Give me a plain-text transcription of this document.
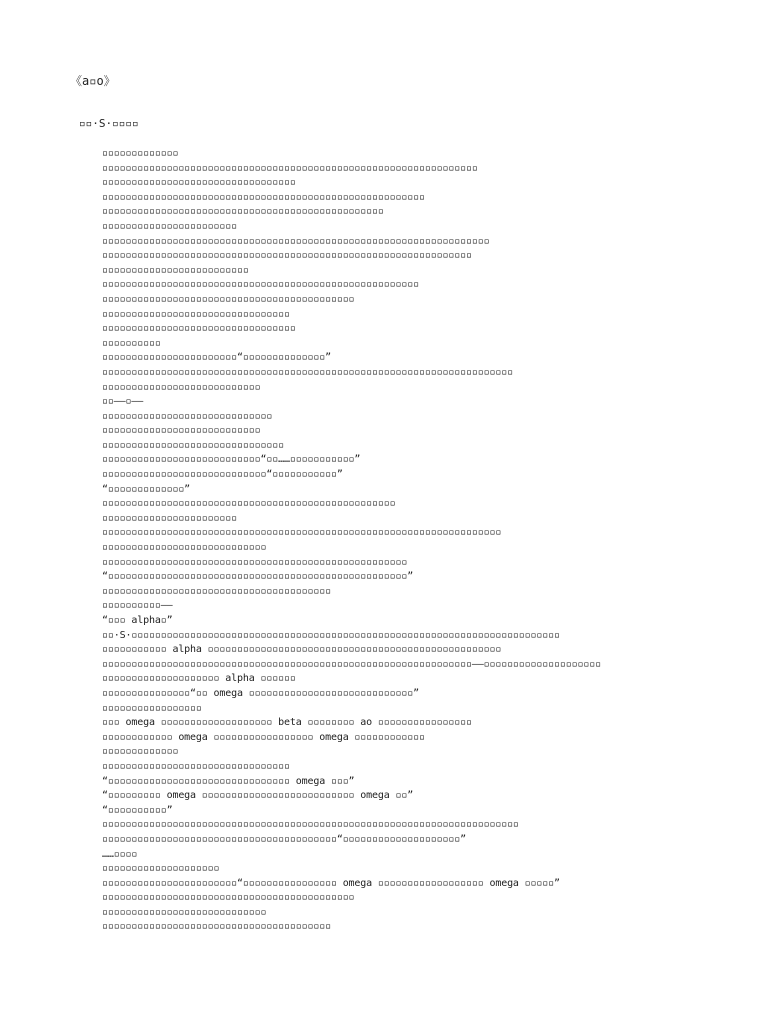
《a▫o》
▫▫·S·▫▫▫▫
▫▫▫▫▫▫▫▫▫▫▫▫▫
▫▫▫▫▫▫▫▫▫▫▫▫▫▫▫▫▫▫▫▫▫▫▫▫▫▫▫▫▫▫▫▫▫▫▫▫▫▫▫▫▫▫▫▫▫▫▫▫▫▫▫▫▫▫▫▫▫▫▫▫▫▫▫▫
▫▫▫▫▫▫▫▫▫▫▫▫▫▫▫▫▫▫▫▫▫▫▫▫▫▫▫▫▫▫▫▫▫
▫▫▫▫▫▫▫▫▫▫▫▫▫▫▫▫▫▫▫▫▫▫▫▫▫▫▫▫▫▫▫▫▫▫▫▫▫▫▫▫▫▫▫▫▫▫▫▫▫▫▫▫▫▫▫
▫▫▫▫▫▫▫▫▫▫▫▫▫▫▫▫▫▫▫▫▫▫▫▫▫▫▫▫▫▫▫▫▫▫▫▫▫▫▫▫▫▫▫▫▫▫▫▫
▫▫▫▫▫▫▫▫▫▫▫▫▫▫▫▫▫▫▫▫▫▫▫
▫▫▫▫▫▫▫▫▫▫▫▫▫▫▫▫▫▫▫▫▫▫▫▫▫▫▫▫▫▫▫▫▫▫▫▫▫▫▫▫▫▫▫▫▫▫▫▫▫▫▫▫▫▫▫▫▫▫▫▫▫▫▫▫▫▫
▫▫▫▫▫▫▫▫▫▫▫▫▫▫▫▫▫▫▫▫▫▫▫▫▫▫▫▫▫▫▫▫▫▫▫▫▫▫▫▫▫▫▫▫▫▫▫▫▫▫▫▫▫▫▫▫▫▫▫▫▫▫▫
▫▫▫▫▫▫▫▫▫▫▫▫▫▫▫▫▫▫▫▫▫▫▫▫▫
▫▫▫▫▫▫▫▫▫▫▫▫▫▫▫▫▫▫▫▫▫▫▫▫▫▫▫▫▫▫▫▫▫▫▫▫▫▫▫▫▫▫▫▫▫▫▫▫▫▫▫▫▫▫
▫▫▫▫▫▫▫▫▫▫▫▫▫▫▫▫▫▫▫▫▫▫▫▫▫▫▫▫▫▫▫▫▫▫▫▫▫▫▫▫▫▫▫
▫▫▫▫▫▫▫▫▫▫▫▫▫▫▫▫▫▫▫▫▫▫▫▫▫▫▫▫▫▫▫▫
▫▫▫▫▫▫▫▫▫▫▫▫▫▫▫▫▫▫▫▫▫▫▫▫▫▫▫▫▫▫▫▫▫
▫▫▫▫▫▫▫▫▫▫
▫▫▫▫▫▫▫▫▫▫▫▫▫▫▫▫▫▫▫▫▫▫▫“▫▫▫▫▫▫▫▫▫▫▫▫▫▫”
▫▫▫▫▫▫▫▫▫▫▫▫▫▫▫▫▫▫▫▫▫▫▫▫▫▫▫▫▫▫▫▫▫▫▫▫▫▫▫▫▫▫▫▫▫▫▫▫▫▫▫▫▫▫▫▫▫▫▫▫▫▫▫▫▫▫▫▫▫▫
▫▫▫▫▫▫▫▫▫▫▫▫▫▫▫▫▫▫▫▫▫▫▫▫▫▫▫
▫▫——▫——
▫▫▫▫▫▫▫▫▫▫▫▫▫▫▫▫▫▫▫▫▫▫▫▫▫▫▫▫▫
▫▫▫▫▫▫▫▫▫▫▫▫▫▫▫▫▫▫▫▫▫▫▫▫▫▫▫
▫▫▫▫▫▫▫▫▫▫▫▫▫▫▫▫▫▫▫▫▫▫▫▫▫▫▫▫▫▫▫
▫▫▫▫▫▫▫▫▫▫▫▫▫▫▫▫▫▫▫▫▫▫▫▫▫▫▫“▫▫……▫▫▫▫▫▫▫▫▫▫▫”
▫▫▫▫▫▫▫▫▫▫▫▫▫▫▫▫▫▫▫▫▫▫▫▫▫▫▫▫“▫▫▫▫▫▫▫▫▫▫▫”
“▫▫▫▫▫▫▫▫▫▫▫▫▫”
▫▫▫▫▫▫▫▫▫▫▫▫▫▫▫▫▫▫▫▫▫▫▫▫▫▫▫▫▫▫▫▫▫▫▫▫▫▫▫▫▫▫▫▫▫▫▫▫▫▫
▫▫▫▫▫▫▫▫▫▫▫▫▫▫▫▫▫▫▫▫▫▫▫
▫▫▫▫▫▫▫▫▫▫▫▫▫▫▫▫▫▫▫▫▫▫▫▫▫▫▫▫▫▫▫▫▫▫▫▫▫▫▫▫▫▫▫▫▫▫▫▫▫▫▫▫▫▫▫▫▫▫▫▫▫▫▫▫▫▫▫▫
▫▫▫▫▫▫▫▫▫▫▫▫▫▫▫▫▫▫▫▫▫▫▫▫▫▫▫▫
▫▫▫▫▫▫▫▫▫▫▫▫▫▫▫▫▫▫▫▫▫▫▫▫▫▫▫▫▫▫▫▫▫▫▫▫▫▫▫▫▫▫▫▫▫▫▫▫▫▫▫▫
“▫▫▫▫▫▫▫▫▫▫▫▫▫▫▫▫▫▫▫▫▫▫▫▫▫▫▫▫▫▫▫▫▫▫▫▫▫▫▫▫▫▫▫▫▫▫▫▫▫▫▫”
▫▫▫▫▫▫▫▫▫▫▫▫▫▫▫▫▫▫▫▫▫▫▫▫▫▫▫▫▫▫▫▫▫▫▫▫▫▫▫
▫▫▫▫▫▫▫▫▫▫——
“▫▫▫ alpha▫”
▫▫·S·▫▫▫▫▫▫▫▫▫▫▫▫▫▫▫▫▫▫▫▫▫▫▫▫▫▫▫▫▫▫▫▫▫▫▫▫▫▫▫▫▫▫▫▫▫▫▫▫▫▫▫▫▫▫▫▫▫▫▫▫▫▫▫▫▫▫▫▫▫▫▫▫▫
▫▫▫▫▫▫▫▫▫▫▫ alpha ▫▫▫▫▫▫▫▫▫▫▫▫▫▫▫▫▫▫▫▫▫▫▫▫▫▫▫▫▫▫▫▫▫▫▫▫▫▫▫▫▫▫▫▫▫▫▫▫▫▫
▫▫▫▫▫▫▫▫▫▫▫▫▫▫▫▫▫▫▫▫▫▫▫▫▫▫▫▫▫▫▫▫▫▫▫▫▫▫▫▫▫▫▫▫▫▫▫▫▫▫▫▫▫▫▫▫▫▫▫▫▫▫▫——▫▫▫▫▫▫▫▫▫▫▫▫▫▫▫▫▫▫▫▫
▫▫▫▫▫▫▫▫▫▫▫▫▫▫▫▫▫▫▫▫ alpha ▫▫▫▫▫▫
▫▫▫▫▫▫▫▫▫▫▫▫▫▫▫“▫▫ omega ▫▫▫▫▫▫▫▫▫▫▫▫▫▫▫▫▫▫▫▫▫▫▫▫▫▫▫▫”
▫▫▫▫▫▫▫▫▫▫▫▫▫▫▫▫▫
▫▫▫ omega ▫▫▫▫▫▫▫▫▫▫▫▫▫▫▫▫▫▫▫ beta ▫▫▫▫▫▫▫▫ ao ▫▫▫▫▫▫▫▫▫▫▫▫▫▫▫▫
▫▫▫▫▫▫▫▫▫▫▫▫ omega ▫▫▫▫▫▫▫▫▫▫▫▫▫▫▫▫▫ omega ▫▫▫▫▫▫▫▫▫▫▫▫
▫▫▫▫▫▫▫▫▫▫▫▫▫
▫▫▫▫▫▫▫▫▫▫▫▫▫▫▫▫▫▫▫▫▫▫▫▫▫▫▫▫▫▫▫▫
“▫▫▫▫▫▫▫▫▫▫▫▫▫▫▫▫▫▫▫▫▫▫▫▫▫▫▫▫▫▫▫ omega ▫▫▫”
“▫▫▫▫▫▫▫▫▫ omega ▫▫▫▫▫▫▫▫▫▫▫▫▫▫▫▫▫▫▫▫▫▫▫▫▫▫ omega ▫▫”
“▫▫▫▫▫▫▫▫▫▫”
▫▫▫▫▫▫▫▫▫▫▫▫▫▫▫▫▫▫▫▫▫▫▫▫▫▫▫▫▫▫▫▫▫▫▫▫▫▫▫▫▫▫▫▫▫▫▫▫▫▫▫▫▫▫▫▫▫▫▫▫▫▫▫▫▫▫▫▫▫▫▫
▫▫▫▫▫▫▫▫▫▫▫▫▫▫▫▫▫▫▫▫▫▫▫▫▫▫▫▫▫▫▫▫▫▫▫▫▫▫▫▫“▫▫▫▫▫▫▫▫▫▫▫▫▫▫▫▫▫▫▫▫”
……▫▫▫▫
▫▫▫▫▫▫▫▫▫▫▫▫▫▫▫▫▫▫▫▫
▫▫▫▫▫▫▫▫▫▫▫▫▫▫▫▫▫▫▫▫▫▫▫“▫▫▫▫▫▫▫▫▫▫▫▫▫▫▫▫ omega ▫▫▫▫▫▫▫▫▫▫▫▫▫▫▫▫▫▫ omega ▫▫▫▫▫”
▫▫▫▫▫▫▫▫▫▫▫▫▫▫▫▫▫▫▫▫▫▫▫▫▫▫▫▫▫▫▫▫▫▫▫▫▫▫▫▫▫▫▫
▫▫▫▫▫▫▫▫▫▫▫▫▫▫▫▫▫▫▫▫▫▫▫▫▫▫▫▫
▫▫▫▫▫▫▫▫▫▫▫▫▫▫▫▫▫▫▫▫▫▫▫▫▫▫▫▫▫▫▫▫▫▫▫▫▫▫▫
